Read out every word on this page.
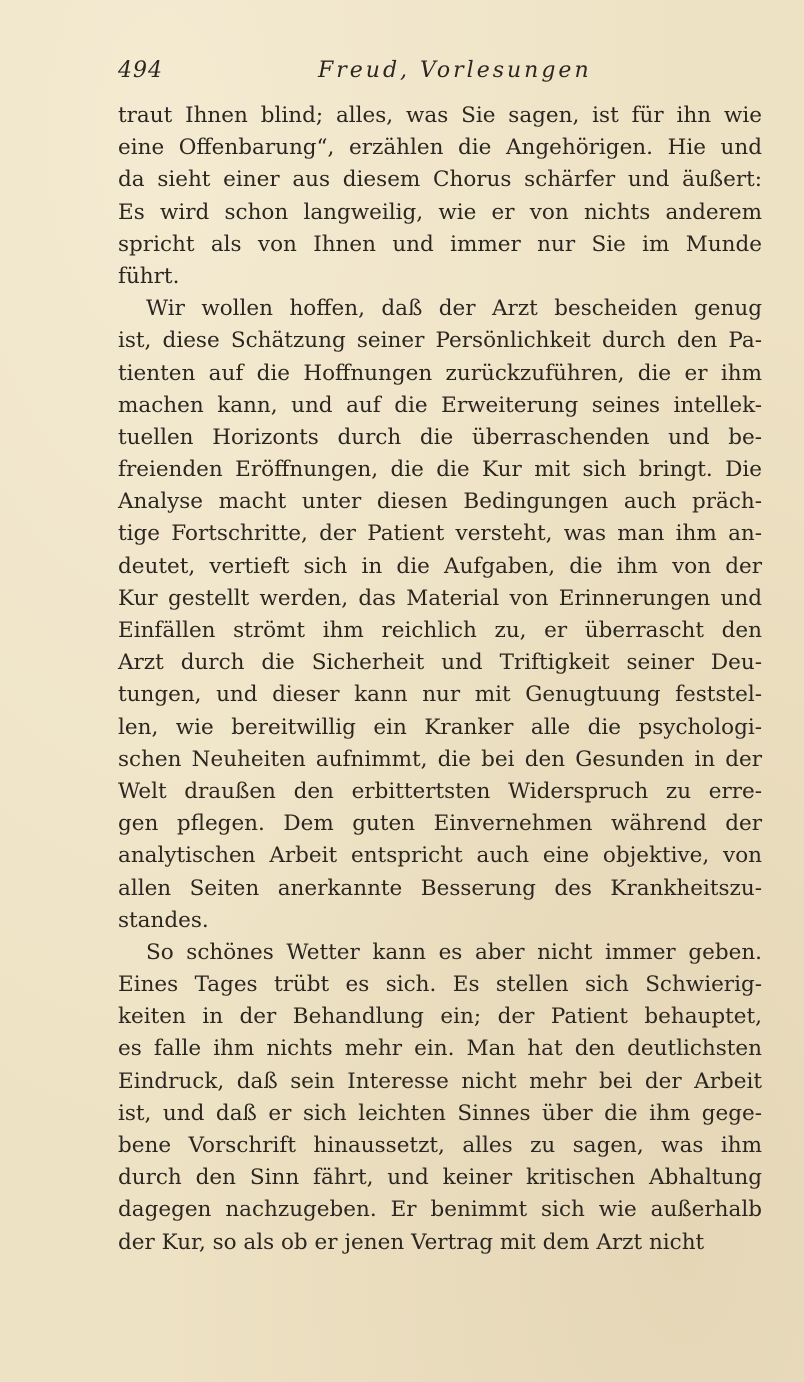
494	Freud, Vorlesungen
traut Ihnen blind; alles, was Sie sagen, ist für ihn wie
eine Offenbarung“, erzählen die Angehörigen. Hie und
da sieht einer aus diesem Chorus schärfer und äußert:
Es wird schon langweilig, wie er von nichts anderem
spricht als von Ihnen und immer nur Sie im Munde
führt.
Wir wollen hoffen, daß der Arzt bescheiden genug
ist, diese Schätzung seiner Persönlichkeit durch den Pa-
tienten auf die Hoffnungen zurückzuführen, die er ihm
machen kann, und auf die Erweiterung seines intellek-
tuellen Horizonts durch die überraschenden und be-
freienden Eröffnungen, die die Kur mit sich bringt. Die
Analyse macht unter diesen Bedingungen auch präch-
tige Fortschritte, der Patient versteht, was man ihm an-
deutet, vertieft sich in die Aufgaben, die ihm von der
Kur gestellt werden, das Material von Erinnerungen und
Einfällen strömt ihm reichlich zu, er überrascht den
Arzt durch die Sicherheit und Triftigkeit seiner Deu-
tungen, und dieser kann nur mit Genugtuung feststel-
len, wie bereitwillig ein Kranker alle die psychologi-
schen Neuheiten aufnimmt, die bei den Gesunden in der
Welt draußen den erbittertsten Widerspruch zu erre-
gen pflegen. Dem guten Einvernehmen während der
analytischen Arbeit entspricht auch eine objektive, von
allen Seiten anerkannte Besserung des Krankheitszu-
standes.
So schönes Wetter kann es aber nicht immer geben.
Eines Tages trübt es sich. Es stellen sich Schwierig-
keiten in der Behandlung ein; der Patient behauptet,
es falle ihm nichts mehr ein. Man hat den deutlichsten
Eindruck, daß sein Interesse nicht mehr bei der Arbeit
ist, und daß er sich leichten Sinnes über die ihm gege-
bene Vorschrift hinaussetzt, alles zu sagen, was ihm
durch den Sinn fährt, und keiner kritischen Abhaltung
dagegen nachzugeben. Er benimmt sich wie außerhalb
der Kur, so als ob er jenen Vertrag mit dem Arzt nicht
